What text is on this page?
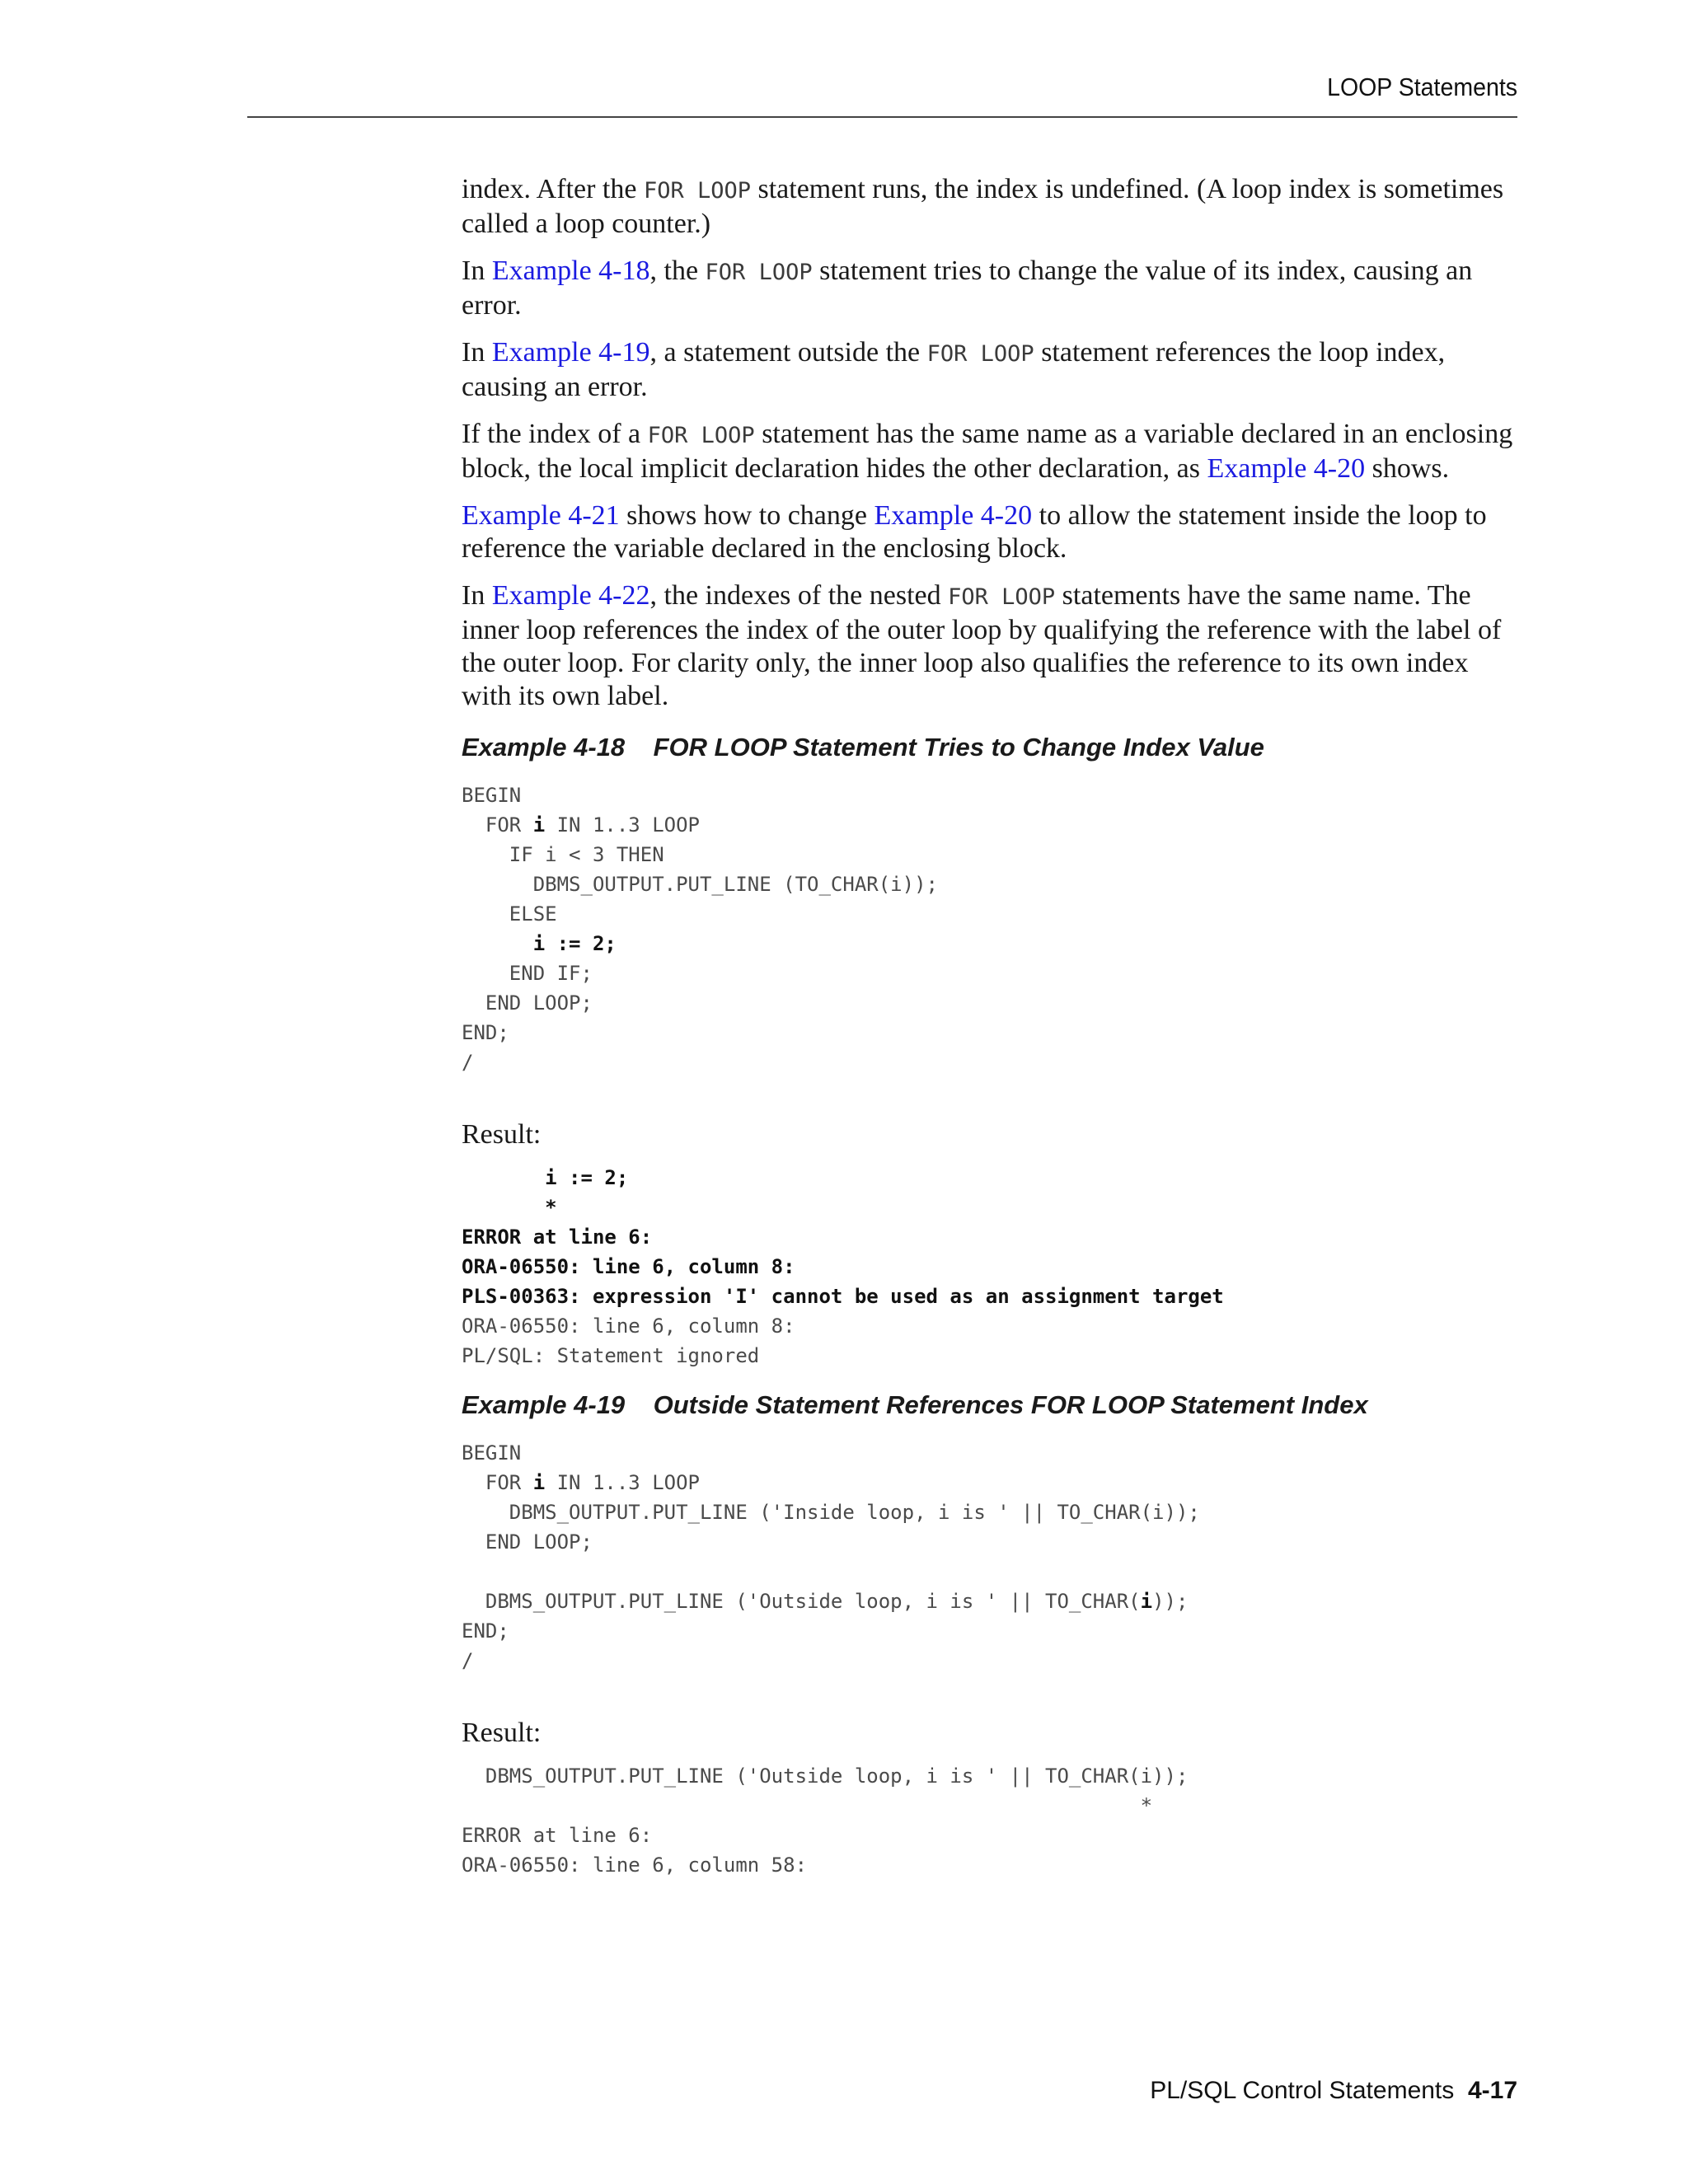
LOOP Statements

index. After the FOR LOOP statement runs, the index is undefined. (A loop index is sometimes called a loop counter.)

In Example 4-18, the FOR LOOP statement tries to change the value of its index, causing an error.

In Example 4-19, a statement outside the FOR LOOP statement references the loop index, causing an error.

If the index of a FOR LOOP statement has the same name as a variable declared in an enclosing block, the local implicit declaration hides the other declaration, as Example 4-20 shows.

Example 4-21 shows how to change Example 4-20 to allow the statement inside the loop to reference the variable declared in the enclosing block.

In Example 4-22, the indexes of the nested FOR LOOP statements have the same name. The inner loop references the index of the outer loop by qualifying the reference with the label of the outer loop. For clarity only, the inner loop also qualifies the reference to its own index with its own label.

Example 4-18    FOR LOOP Statement Tries to Change Index Value
BEGIN
FOR i IN 1..3 LOOP
IF i < 3 THEN
DBMS_OUTPUT.PUT_LINE (TO_CHAR(i));
ELSE
i := 2;
END IF;
END LOOP;
END;
/

Result:

i := 2;
*
ERROR at line 6:
ORA-06550: line 6, column 8:
PLS-00363: expression 'I' cannot be used as an assignment target
ORA-06550: line 6, column 8:
PL/SQL: Statement ignored
Example 4-19    Outside Statement References FOR LOOP Statement Index
BEGIN
FOR i IN 1..3 LOOP
DBMS_OUTPUT.PUT_LINE ('Inside loop, i is ' || TO_CHAR(i));
END LOOP;

DBMS_OUTPUT.PUT_LINE ('Outside loop, i is ' || TO_CHAR(i));
END;
/

Result:

DBMS_OUTPUT.PUT_LINE ('Outside loop, i is ' || TO_CHAR(i));
*
ERROR at line 6:
ORA-06550: line 6, column 58:
PL/SQL Control Statements 4-17
